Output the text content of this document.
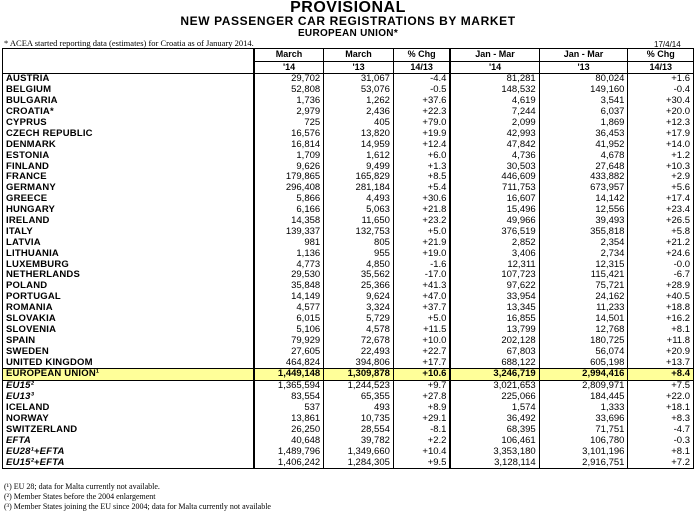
PROVISIONAL
NEW PASSENGER CAR REGISTRATIONS BY MARKET
EUROPEAN UNION*
* ACEA started reporting data (estimates) for Croatia as of January 2014.	17/4/14
	March	March	% Chg	Jan - Mar	Jan - Mar	% Chg
	'14	'13	14/13	'14	'13	14/13
AUSTRIA	29,702	31,067	-4.4	81,281	80,024	+1.6
BELGIUM	52,808	53,076	-0.5	148,532	149,160	-0.4
BULGARIA	1,736	1,262	+37.6	4,619	3,541	+30.4
CROATIA*	2,979	2,436	+22.3	7,244	6,037	+20.0
CYPRUS	725	405	+79.0	2,099	1,869	+12.3
CZECH REPUBLIC	16,576	13,820	+19.9	42,993	36,453	+17.9
DENMARK	16,814	14,959	+12.4	47,842	41,952	+14.0
ESTONIA	1,709	1,612	+6.0	4,736	4,678	+1.2
FINLAND	9,626	9,499	+1.3	30,503	27,648	+10.3
FRANCE	179,865	165,829	+8.5	446,609	433,882	+2.9
GERMANY	296,408	281,184	+5.4	711,753	673,957	+5.6
GREECE	5,866	4,493	+30.6	16,607	14,142	+17.4
HUNGARY	6,166	5,063	+21.8	15,496	12,556	+23.4
IRELAND	14,358	11,650	+23.2	49,966	39,493	+26.5
ITALY	139,337	132,753	+5.0	376,519	355,818	+5.8
LATVIA	981	805	+21.9	2,852	2,354	+21.2
LITHUANIA	1,136	955	+19.0	3,406	2,734	+24.6
LUXEMBURG	4,773	4,850	-1.6	12,311	12,315	-0.0
NETHERLANDS	29,530	35,562	-17.0	107,723	115,421	-6.7
POLAND	35,848	25,366	+41.3	97,622	75,721	+28.9
PORTUGAL	14,149	9,624	+47.0	33,954	24,162	+40.5
ROMANIA	4,577	3,324	+37.7	13,345	11,233	+18.8
SLOVAKIA	6,015	5,729	+5.0	16,855	14,501	+16.2
SLOVENIA	5,106	4,578	+11.5	13,799	12,768	+8.1
SPAIN	79,929	72,678	+10.0	202,128	180,725	+11.8
SWEDEN	27,605	22,493	+22.7	67,803	56,074	+20.9
UNITED KINGDOM	464,824	394,806	+17.7	688,122	605,198	+13.7
EUROPEAN UNION¹	1,449,148	1,309,878	+10.6	3,246,719	2,994,416	+8.4
EU15²	1,365,594	1,244,523	+9.7	3,021,653	2,809,971	+7.5
EU13³	83,554	65,355	+27.8	225,066	184,445	+22.0
ICELAND	537	493	+8.9	1,574	1,333	+18.1
NORWAY	13,861	10,735	+29.1	36,492	33,696	+8.3
SWITZERLAND	26,250	28,554	-8.1	68,395	71,751	-4.7
EFTA	40,648	39,782	+2.2	106,461	106,780	-0.3
EU28¹+EFTA	1,489,796	1,349,660	+10.4	3,353,180	3,101,196	+8.1
EU15²+EFTA	1,406,242	1,284,305	+9.5	3,128,114	2,916,751	+7.2
(¹) EU 28; data for Malta currently not available.
(²) Member States before the 2004 enlargement
(³) Member States joining the EU since 2004; data for Malta currently not available
